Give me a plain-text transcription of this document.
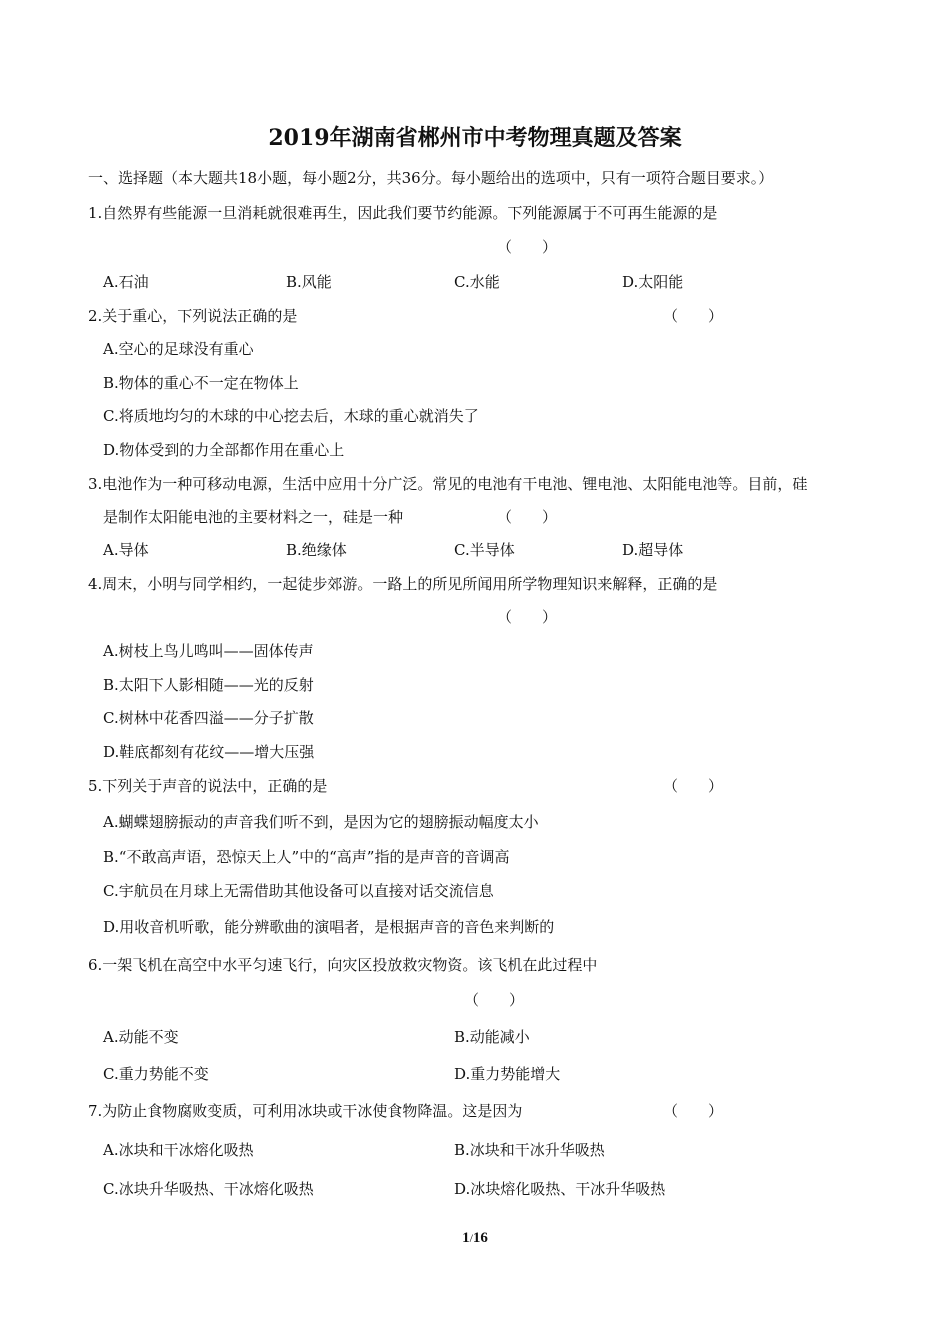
2019年湖南省郴州市中考物理真题及答案
一、选择题（本大题共18小题，每小题2分，共36分。每小题给出的选项中，只有一项符合题目要求。）
1.自然界有些能源一旦消耗就很难再生，因此我们要节约能源。下列能源属于不可再生能源的是
（　　）
A.石油	B.风能	C.水能	D.太阳能
2.关于重心，下列说法正确的是	（　　）
A.空心的足球没有重心
B.物体的重心不一定在物体上
C.将质地均匀的木球的中心挖去后，木球的重心就消失了
D.物体受到的力全部都作用在重心上
3.电池作为一种可移动电源，生活中应用十分广泛。常见的电池有干电池、锂电池、太阳能电池等。目前，硅
是制作太阳能电池的主要材料之一，硅是一种	（　　）
A.导体	B.绝缘体	C.半导体	D.超导体
4.周末，小明与同学相约，一起徒步郊游。一路上的所见所闻用所学物理知识来解释，正确的是
（　　）
A.树枝上鸟儿鸣叫——固体传声
B.太阳下人影相随——光的反射
C.树林中花香四溢——分子扩散
D.鞋底都刻有花纹——增大压强
5.下列关于声音的说法中，正确的是	（　　）
A.蝴蝶翅膀振动的声音我们听不到，是因为它的翅膀振动幅度太小
B.“不敢高声语，恐惊天上人”中的“高声”指的是声音的音调高
C.宇航员在月球上无需借助其他设备可以直接对话交流信息
D.用收音机听歌，能分辨歌曲的演唱者，是根据声音的音色来判断的
6.一架飞机在高空中水平匀速飞行，向灾区投放救灾物资。该飞机在此过程中
（　　）
A.动能不变	B.动能减小
C.重力势能不变	D.重力势能增大
7.为防止食物腐败变质，可利用冰块或干冰使食物降温。这是因为	（　　）
A.冰块和干冰熔化吸热	B.冰块和干冰升华吸热
C.冰块升华吸热、干冰熔化吸热	D.冰块熔化吸热、干冰升华吸热
1/16
